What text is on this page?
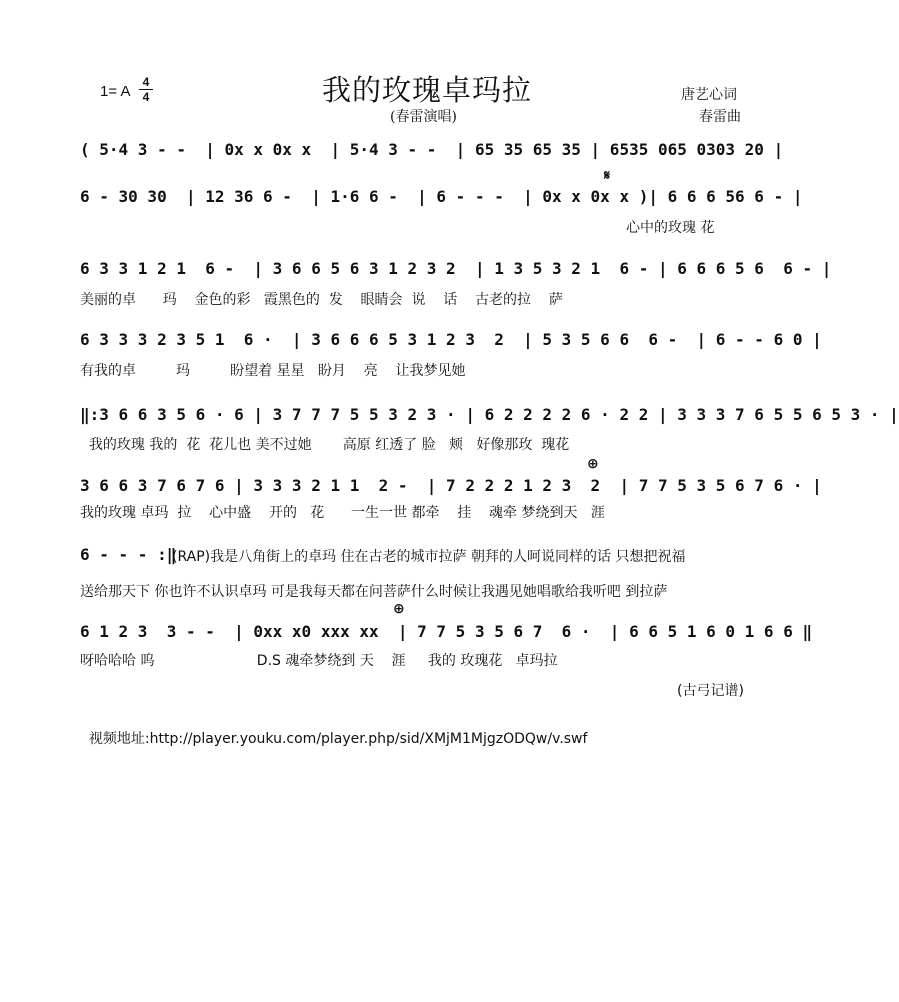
1= A
4
4	我的玫瑰卓玛拉
(春雷演唱)
唐艺心词
春雷曲
( 5·4 3 - -  | 0x x 0x x  | 5·4 3 - -  | 65 35 65 35 | 6535 065 0303 20 |
𝄋
6 - 30 30  | 12 36 6 -  | 1·6 6 -  | 6 - - -  | 0x x 0x x )| 6 6 6 56 6 - |
心中的玫瑰 花
6 3 3 1 2 1  6 -  | 3 6 6 5 6 3 1 2 3 2  | 1 3 5 3 2 1  6 - | 6 6 6 5 6  6 - |
美丽的卓      玛    金色的彩   霞黑色的  发    眼睛会  说    话    古老的拉    萨
6 3 3 3 2 3 5 1  6 ·  | 3 6 6 6 5 3 1 2 3  2  | 5 3 5 6 6  6 -  | 6 - - 6 0 |
有我的卓         玛         盼望着 星星   盼月    亮    让我梦见她
‖:3 6 6 3 5 6 · 6 | 3 7 7 7 5 5 3 2 3 · | 6 2 2 2 2 6 · 2 2 | 3 3 3 7 6 5 5 6 5 3 · |
我的玫瑰 我的  花  花儿也 美不过她       高原 红透了 脸   颊   好像那玫  瑰花
⊕
3 6 6 3 7 6 7 6 | 3 3 3 2 1 1  2 -  | 7 2 2 2 1 2 3  2  | 7 7 5 3 5 6 7 6 · |
我的玫瑰 卓玛  拉    心中盛    开的   花      一生一世 都牵    挂    魂牵 梦绕到天   涯
6 - - - :‖
(RAP)我是八角街上的卓玛 住在古老的城市拉萨 朝拜的人呵说同样的话 只想把祝福
送给那天下 你也许不认识卓玛 可是我每天都在问菩萨什么时候让我遇见她唱歌给我听吧 到拉萨
⊕
6 1 2 3  3 - -  | 0xx x0 xxx xx  | 7 7 5 3 5 6 7  6 ·  | 6 6 5 1 6 0 1 6 6 ‖
呀哈哈哈 呜                       D.S 魂牵梦绕到 天    涯     我的 玫瑰花   卓玛拉
(古弓记谱)

视频地址:http://player.youku.com/player.php/sid/XMjM1MjgzODQw/v.swf
